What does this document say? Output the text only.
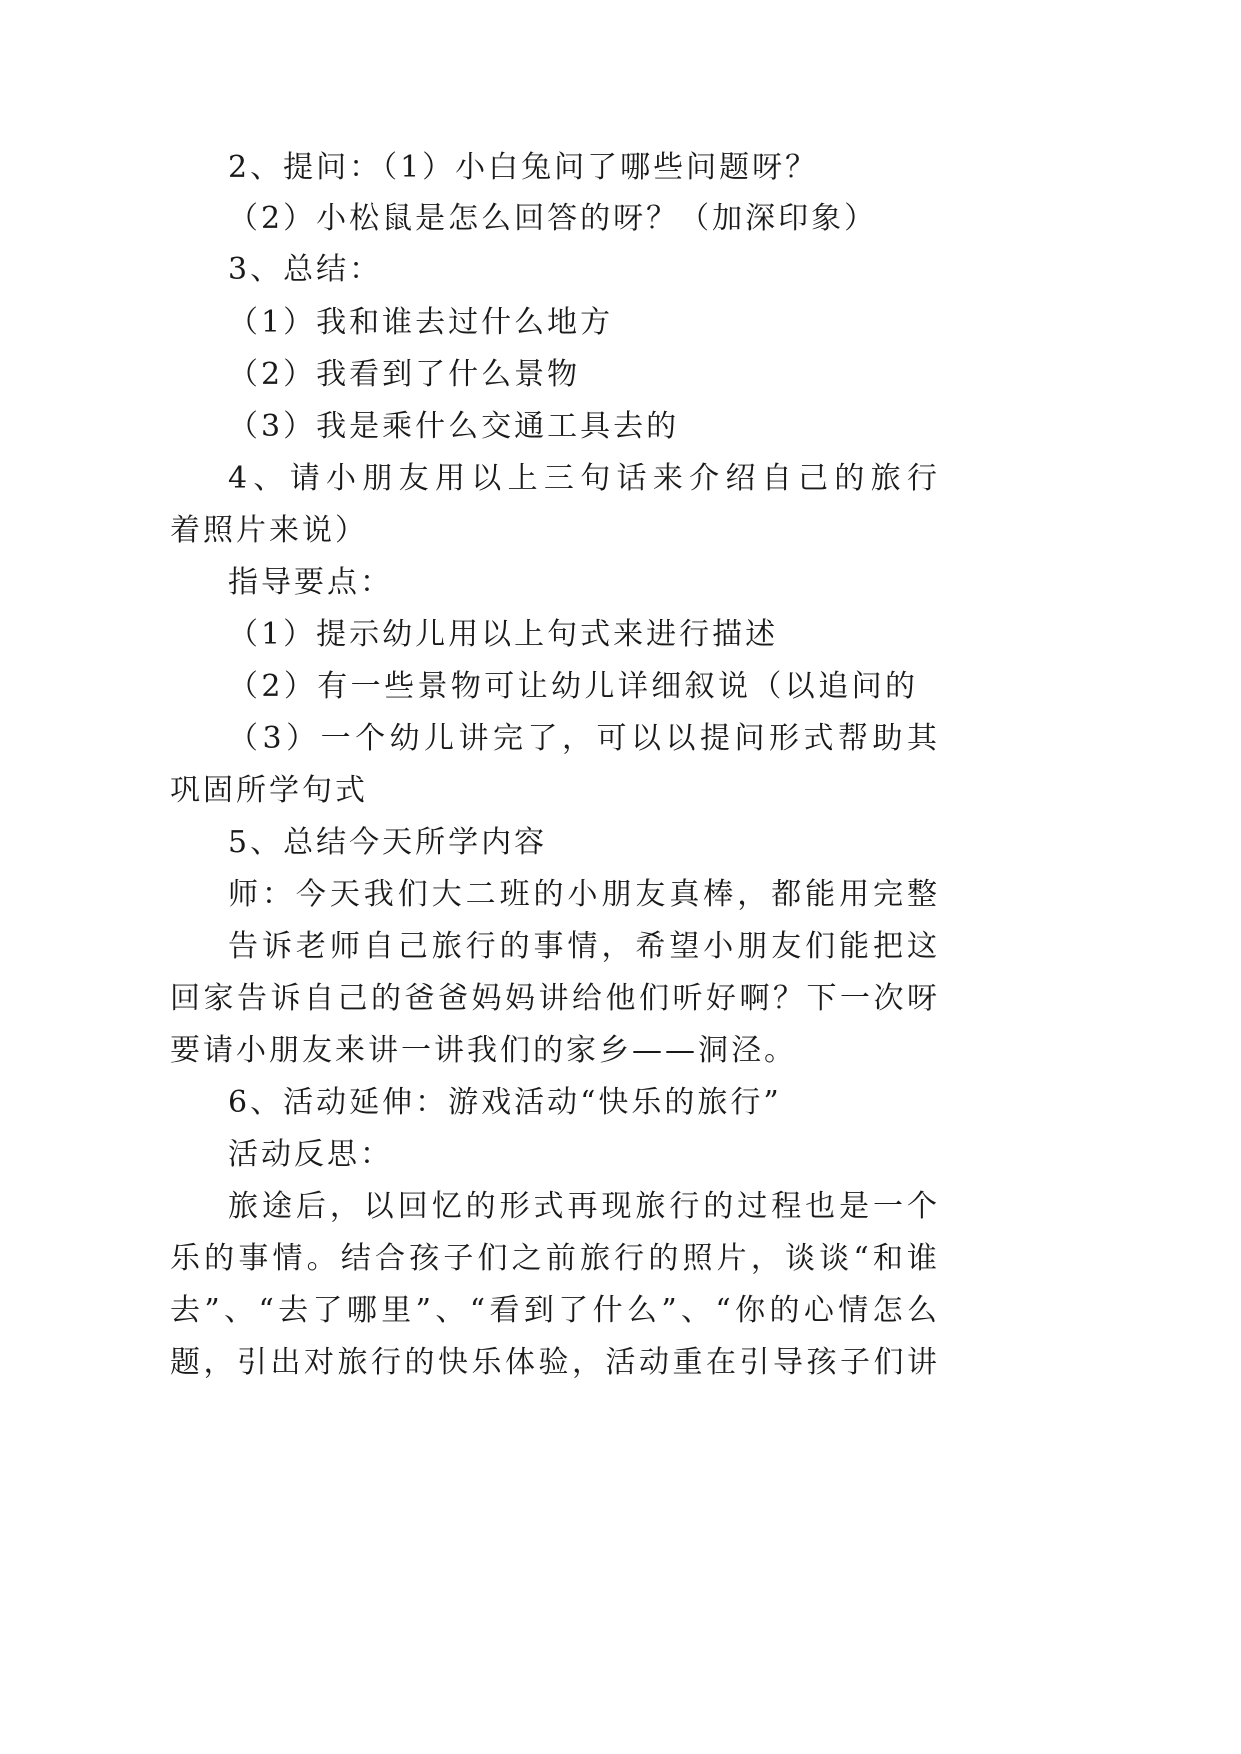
2、提问：（1）小白兔问了哪些问题呀？
（2）小松鼠是怎么回答的呀？（加深印象）
3、总结：
（1）我和谁去过什么地方
（2）我看到了什么景物
（3）我是乘什么交通工具去的
4、请小朋友用以上三句话来介绍自己的旅行
着照片来说）
指导要点：
（1）提示幼儿用以上句式来进行描述
（2）有一些景物可让幼儿详细叙说（以追问的
（3）一个幼儿讲完了，可以以提问形式帮助其
巩固所学句式
5、总结今天所学内容
师：今天我们大二班的小朋友真棒，都能用完整
告诉老师自己旅行的事情，希望小朋友们能把这
回家告诉自己的爸爸妈妈讲给他们听好啊？下一次呀
要请小朋友来讲一讲我们的家乡——洞泾。
6、活动延伸：游戏活动“快乐的旅行”
活动反思：
旅途后，以回忆的形式再现旅行的过程也是一个
乐的事情。结合孩子们之前旅行的照片，谈谈“和谁
去”、“去了哪里”、“看到了什么”、“你的心情怎么
题，引出对旅行的快乐体验，活动重在引导孩子们讲
